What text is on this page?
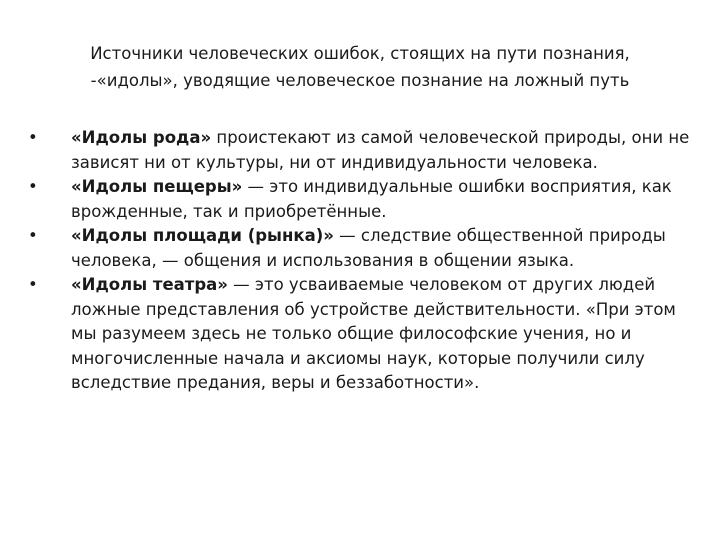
Источники человеческих ошибок, стоящих на пути познания,
-«идолы», уводящие человеческое познание на ложный путь
•	«Идолы рода» проистекают из самой человеческой природы, они не зависят ни от культуры, ни от индивидуальности человека.
•	«Идолы пещеры» — это индивидуальные ошибки восприятия, как врожденные, так и приобретённые.
•	«Идолы площади (рынка)» — следствие общественной природы человека, — общения и использования в общении языка.
•	«Идолы театра» — это усваиваемые человеком от других людей ложные представления об устройстве действительности. «При этом мы разумеем здесь не только общие философские учения, но и многочисленные начала и аксиомы наук, которые получили силу вследствие предания, веры и беззаботности».
